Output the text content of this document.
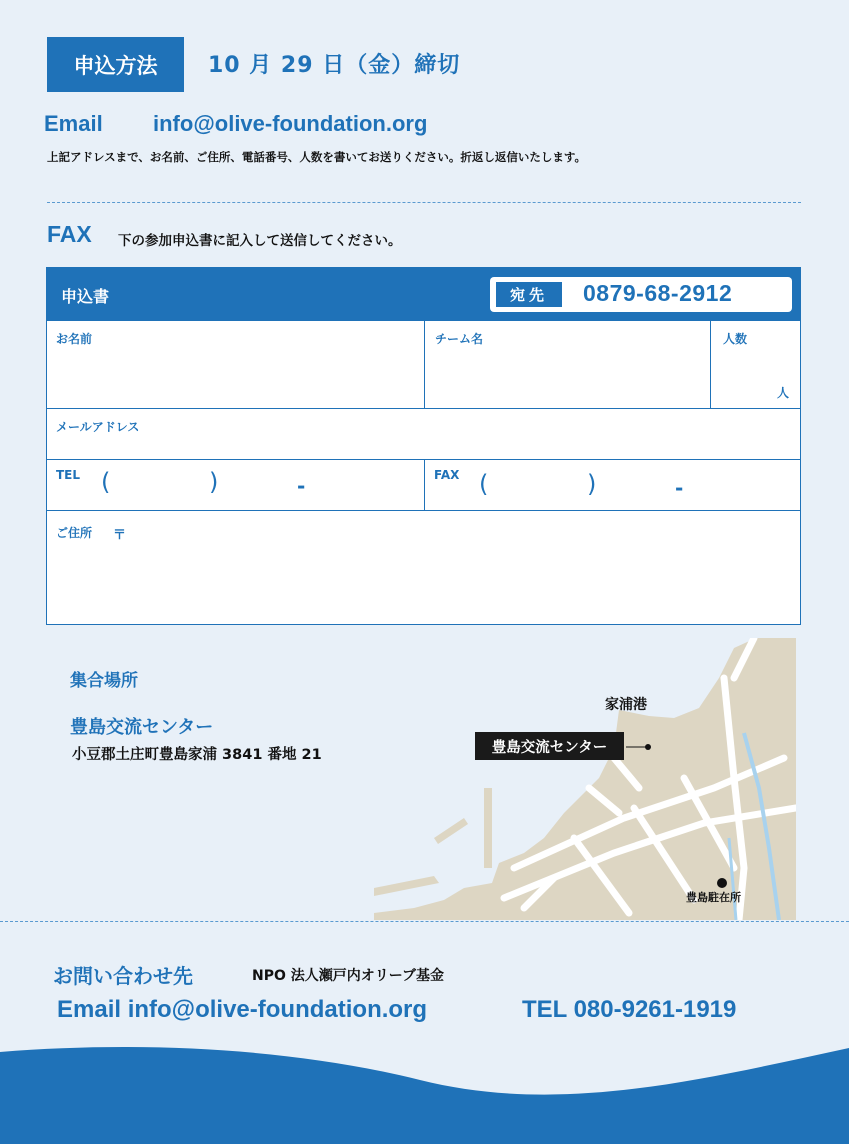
申込方法	10 月 29 日（金）締切
Email info@olive-foundation.org
上記アドレスまで、お名前、ご住所、電話番号、人数を書いてお送りください。折返し返信いたします。
FAX 下の参加申込書に記入して送信してください。
申込書	宛先	0879-68-2912
お名前	チーム名	人数
人
メールアドレス
TEL (	)	-	FAX (	)	-
ご住所 〒
集合場所
豊島交流センター
小豆郡土庄町豊島家浦 3841 番地 21
家浦港
豊島交流センター
豊島駐在所
お問い合わせ先	NPO 法人瀬戸内オリーブ基金
Email info@olive-foundation.org	TEL 080-9261-1919
